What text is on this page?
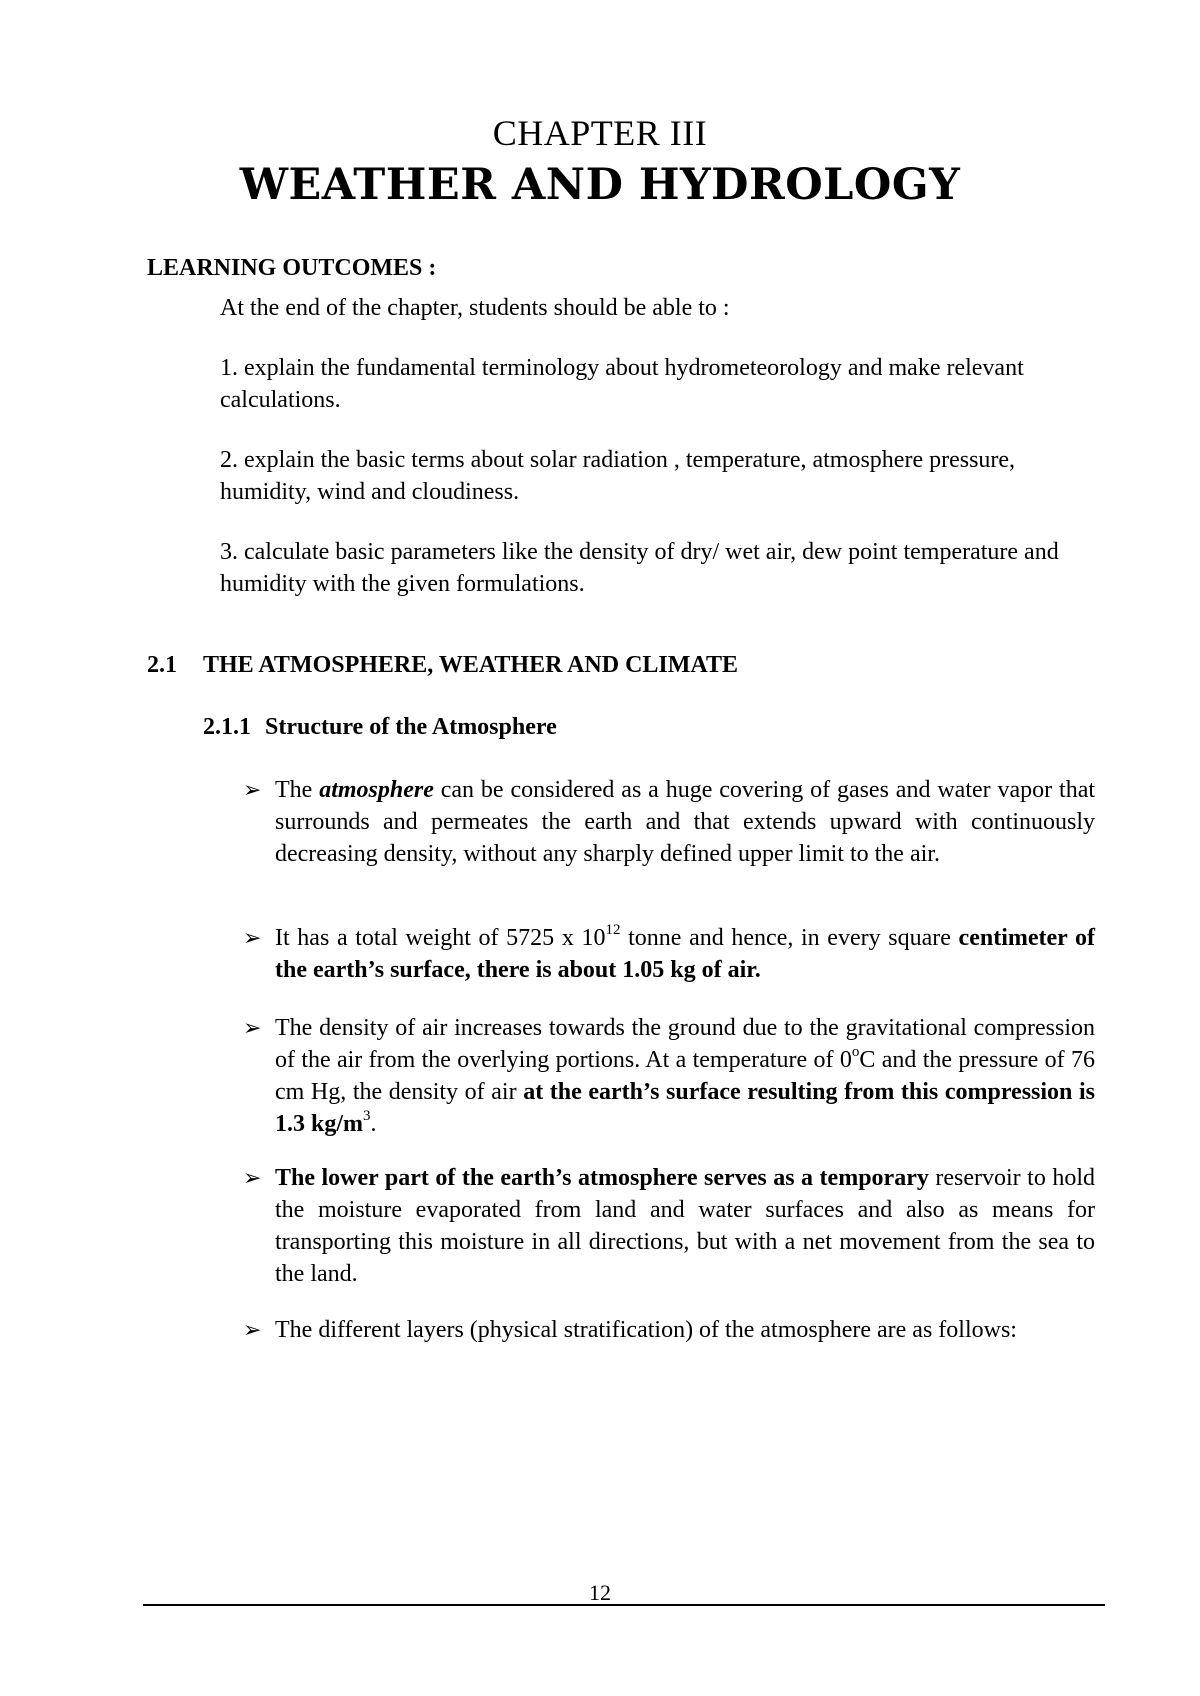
CHAPTER III
WEATHER AND HYDROLOGY
LEARNING OUTCOMES :
At the end of the chapter, students should be able to :
1. explain the fundamental terminology about hydrometeorology and make relevant calculations.
2. explain the basic terms about solar radiation , temperature, atmosphere pressure, humidity, wind and cloudiness.
3. calculate basic parameters like the density of dry/ wet air, dew point temperature and humidity with the given formulations.
2.1 THE ATMOSPHERE, WEATHER AND CLIMATE
2.1.1 Structure of the Atmosphere
➢ The atmosphere can be considered as a huge covering of gases and water vapor that surrounds and permeates the earth and that extends upward with continuously decreasing density, without any sharply defined upper limit to the air.
➢ It has a total weight of 5725 x $10^{12}$ tonne and hence, in every square centimeter of the earth’s surface, there is about 1.05 kg of air.
➢ The density of air increases towards the ground due to the gravitational compression of the air from the overlying portions. At a temperature of 0$^o$C and the pressure of 76 cm Hg, the density of air at the earth’s surface resulting from this compression is 1.3 $kg/m^3$.
➢ The lower part of the earth’s atmosphere serves as a temporary reservoir to hold the moisture evaporated from land and water surfaces and also as means for transporting this moisture in all directions, but with a net movement from the sea to the land.
➢ The different layers (physical stratification) of the atmosphere are as follows:
12
